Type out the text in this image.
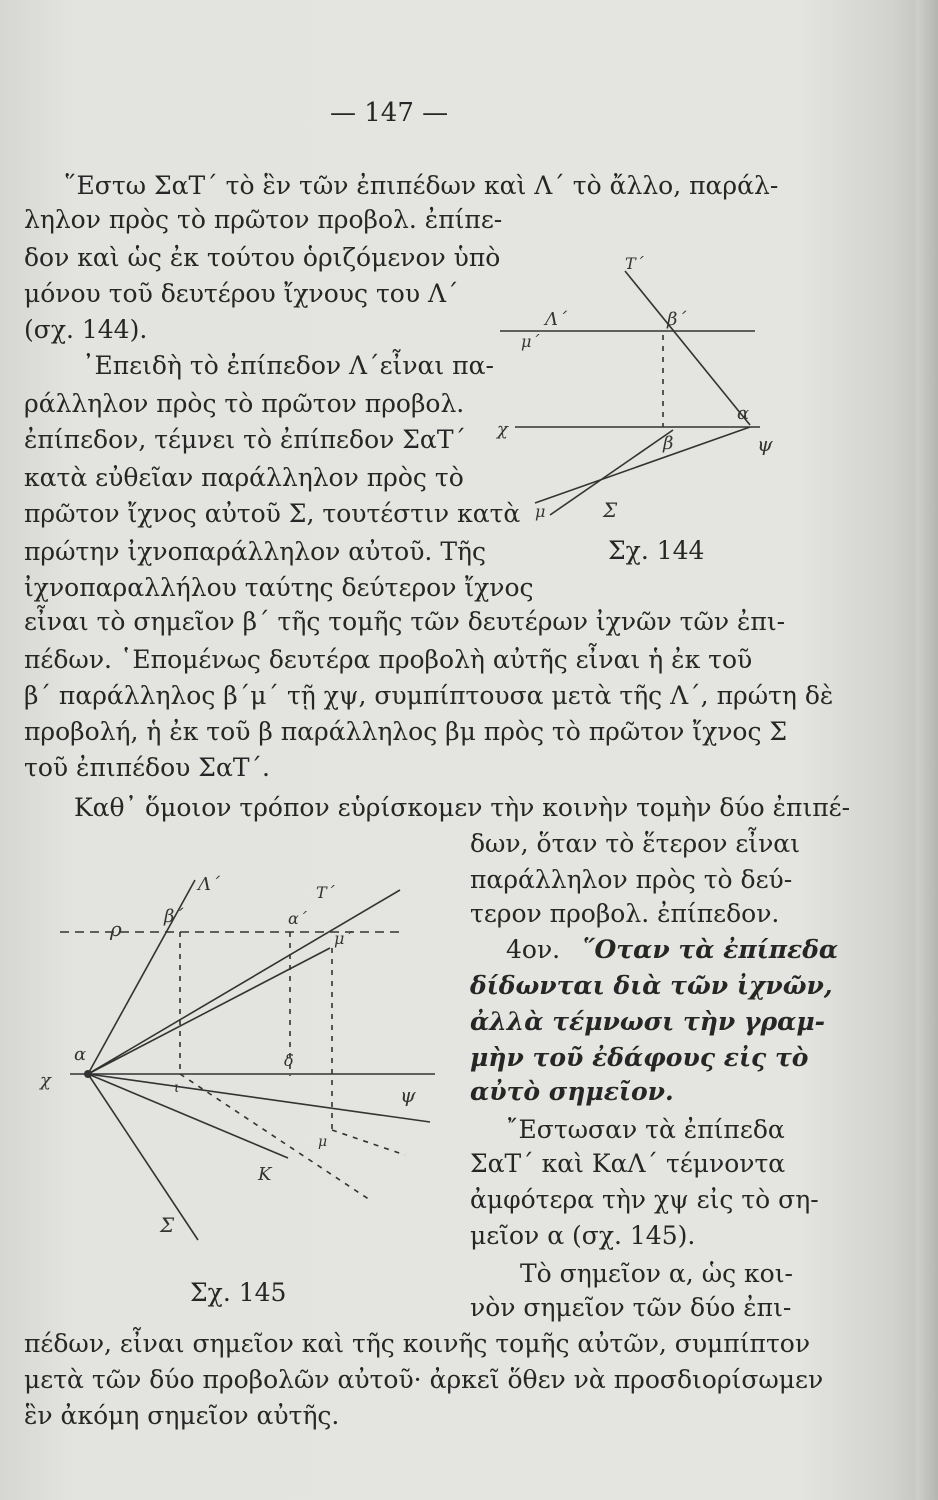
— 147 —
῞Εστω ΣαΤ΄ τὸ ἓν τῶν ἐπιπέδων καὶ Λ΄ τὸ ἄλλο, παράλ-
ληλον πρὸς τὸ πρῶτον προβολ. ἐπίπε-
δον καὶ ὡς ἐκ τούτου ὁριζόμενον ὑπὸ
μόνου τοῦ δευτέρου ἴχνους του Λ΄
(σχ. 144).
᾿Επειδὴ τὸ ἐπίπεδον Λ΄εἶναι πα-
ράλληλον πρὸς τὸ πρῶτον προβολ.
ἐπίπεδον, τέμνει τὸ ἐπίπεδον ΣαΤ΄
κατὰ εὐθεῖαν παράλληλον πρὸς τὸ
πρῶτον ἴχνος αὐτοῦ Σ, τουτέστιν κατὰ
πρώτην ἰχνοπαράλληλον αὐτοῦ. Τῆς
ἰχνοπαραλλήλου ταύτης δεύτερον ἴχνος
εἶναι τὸ σημεῖον β΄ τῆς τομῆς τῶν δευτέρων ἰχνῶν τῶν ἐπι-
πέδων. ῾Επομένως δευτέρα προβολὴ αὐτῆς εἶναι ἡ ἐκ τοῦ
β΄ παράλληλος β΄μ΄ τῇ χψ, συμπίπτουσα μετὰ τῆς Λ΄, πρώτη δὲ
προβολή, ἡ ἐκ τοῦ β παράλληλος βμ πρὸς τὸ πρῶτον ἴχνος Σ
τοῦ ἐπιπέδου ΣαΤ΄.
Καθ᾿ ὅμοιον τρόπον εὑρίσκομεν τὴν κοινὴν τομὴν δύο ἐπιπέ-
δων, ὅταν τὸ ἕτερον εἶναι
παράλληλον πρὸς τὸ δεύ-
τερον προβολ. ἐπίπεδον.
4ον. ῞Οταν τὰ ἐπίπεδα
δίδωνται διὰ τῶν ἰχνῶν,
ἀλλὰ τέμνωσι τὴν γραμ-
μὴν τοῦ ἐδάφους εἰς τὸ
αὐτὸ σημεῖον.
῎Εστωσαν τὰ ἐπίπεδα
ΣαΤ΄ καὶ ΚαΛ΄ τέμνοντα
ἀμφότερα τὴν χψ εἰς τὸ ση-
μεῖον α (σχ. 145).
Τὸ σημεῖον α, ὡς κοι-
νὸν σημεῖον τῶν δύο ἐπι-
πέδων, εἶναι σημεῖον καὶ τῆς κοινῆς τομῆς αὐτῶν, συμπίπτον
μετὰ τῶν δύο προβολῶν αὐτοῦ· ἀρκεῖ ὅθεν νὰ προσδιορίσωμεν
ἓν ἀκόμη σημεῖον αὐτῆς.
Τ΄
Λ΄
μ΄
β΄
α
χ
β	ψ
μ	Σ
Σχ. 144
ρ
β΄
Λ΄
α΄
Τ΄
μ΄
α
χ	ι
δ
ψ
μ
Κ
Σ
Σχ. 145
